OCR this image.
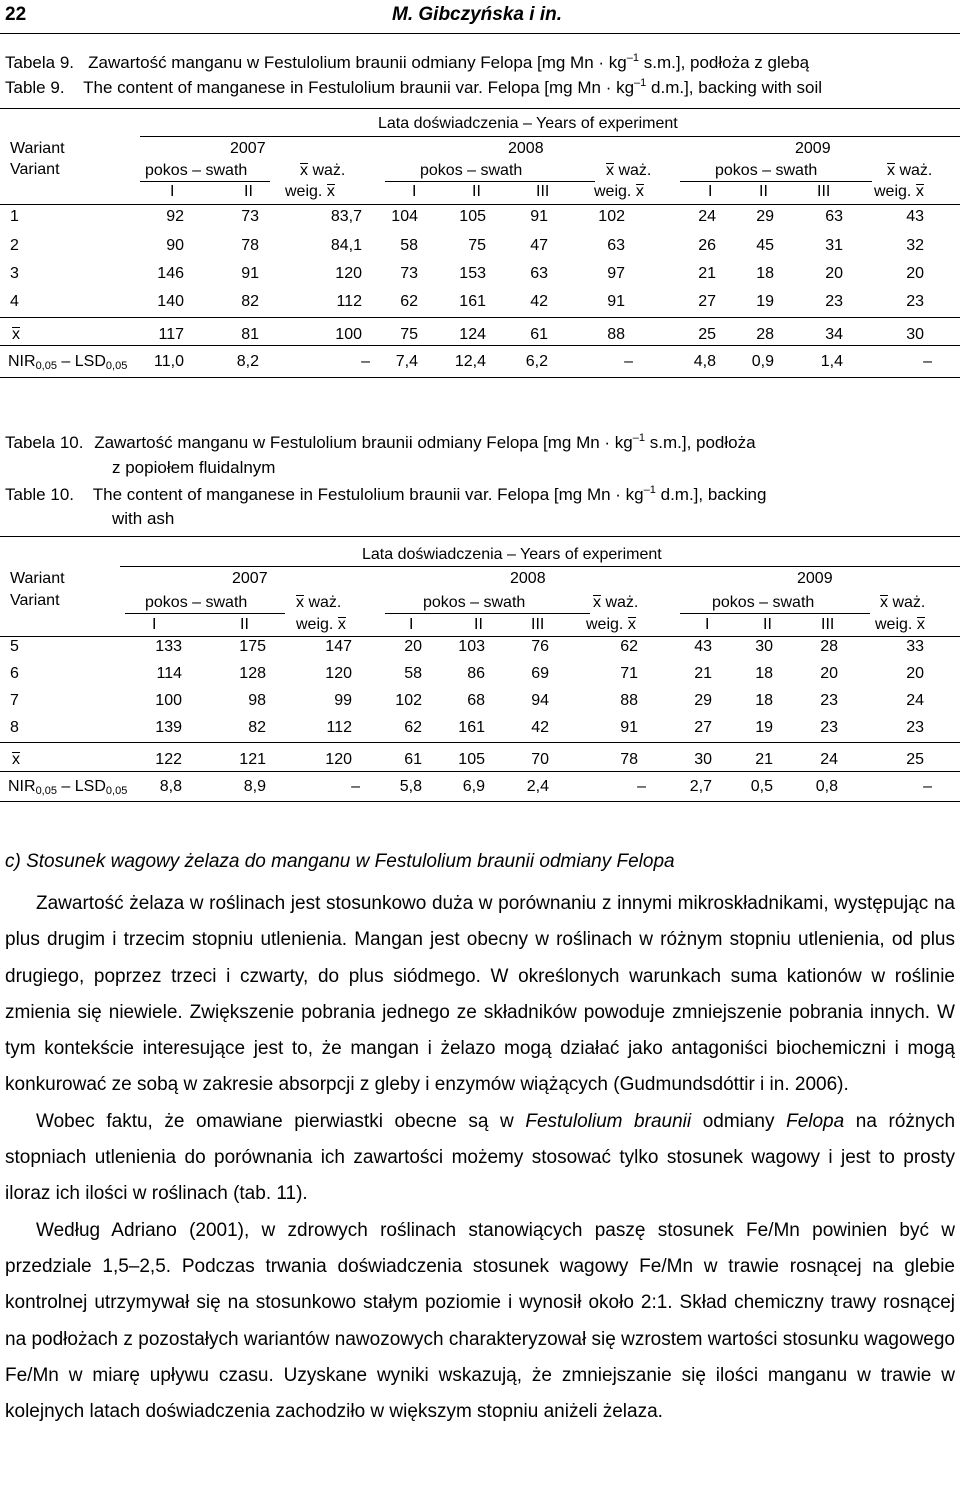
22	M. Gibczyńska i in.
Tabela 9. Zawartość manganu w Festulolium braunii odmiany Felopa [mg $Mn \cdot kg^{-1}$ s.m.], podłoża z glebą
Table 9. The content of manganese in Festulolium braunii var. Felopa [mg $Mn \cdot kg^{-1}$ d.m.], backing with soil
Lata doświadczenia – Years of experiment
Wariant
Variant
2007	2008	2009
pokos – swath	x waż.
weig. x
pokos – swath	x waż.
weig. x
pokos – swath	x waż.
weig. x
I	II	I	II	III	I	II	III
1	92	73	83,7	104	105	91	102	24	29	63	43
2	90	78	84,1	58	75	47	63	26	45	31	32
3	146	91	120	73	153	63	97	21	18	20	20
4	140	82	112	62	161	42	91	27	19	23	23
x	117	81	100	75	124	61	88	25	28	34	30
$NIR_{0,05} - LSD_{0,05}$	11,0	8,2	–	7,4	12,4	6,2	–	4,8	0,9	1,4	–
Tabela 10. Zawartość manganu w Festulolium braunii odmiany Felopa [mg $Mn \cdot kg^{-1}$ s.m.], podłoża
z popiołem fluidalnym
Table 10. The content of manganese in Festulolium braunii var. Felopa [mg $Mn \cdot kg^{-1}$ d.m.], backing
with ash
Lata doświadczenia – Years of experiment
Wariant
Variant
2007	2008	2009
pokos – swath	x waż.
weig. x
pokos – swath	x waż.
weig. x
pokos – swath	x waż.
weig. x
I	II	I	II	III	I	II	III
5	133	175	147	20	103	76	62	43	30	28	33
6	114	128	120	58	86	69	71	21	18	20	20
7	100	98	99	102	68	94	88	29	18	23	24
8	139	82	112	62	161	42	91	27	19	23	23
x	122	121	120	61	105	70	78	30	21	24	25
$NIR_{0,05} - LSD_{0,05}$	8,8	8,9	–	5,8	6,9	2,4	–	2,7	0,5	0,8	–
c) Stosunek wagowy żelaza do manganu w Festulolium braunii odmiany Felopa

Zawartość żelaza w roślinach jest stosunkowo duża w porównaniu z innymi mikroskładnikami, występując na plus drugim i trzecim stopniu utlenienia. Mangan jest obecny w roślinach w różnym stopniu utlenienia, od plus drugiego, poprzez trzeci i czwarty, do plus siódmego. W określonych warunkach suma kationów w roślinie zmienia się niewiele. Zwiększenie pobrania jednego ze składników powoduje zmniejszenie pobrania innych. W tym kontekście interesujące jest to, że mangan i żelazo mogą działać jako antagoniści biochemiczni i mogą konkurować ze sobą w zakresie absorpcji z gleby i enzymów wiążących (Gudmundsdóttir i in. 2006).

Wobec faktu, że omawiane pierwiastki obecne są w Festulolium braunii odmiany Felopa na różnych stopniach utlenienia do porównania ich zawartości możemy stosować tylko stosunek wagowy i jest to prosty iloraz ich ilości w roślinach (tab. 11).

Według Adriano (2001), w zdrowych roślinach stanowiących paszę stosunek Fe/Mn powinien być w przedziale 1,5–2,5. Podczas trwania doświadczenia stosunek wagowy Fe/Mn w trawie rosnącej na glebie kontrolnej utrzymywał się na stosunkowo stałym poziomie i wynosił około 2:1. Skład chemiczny trawy rosnącej na podłożach z pozostałych wariantów nawozowych charakteryzował się wzrostem wartości stosunku wagowego Fe/Mn w miarę upływu czasu. Uzyskane wyniki wskazują, że zmniejszanie się ilości manganu w trawie w kolejnych latach doświadczenia zachodziło w większym stopniu aniżeli żelaza.
